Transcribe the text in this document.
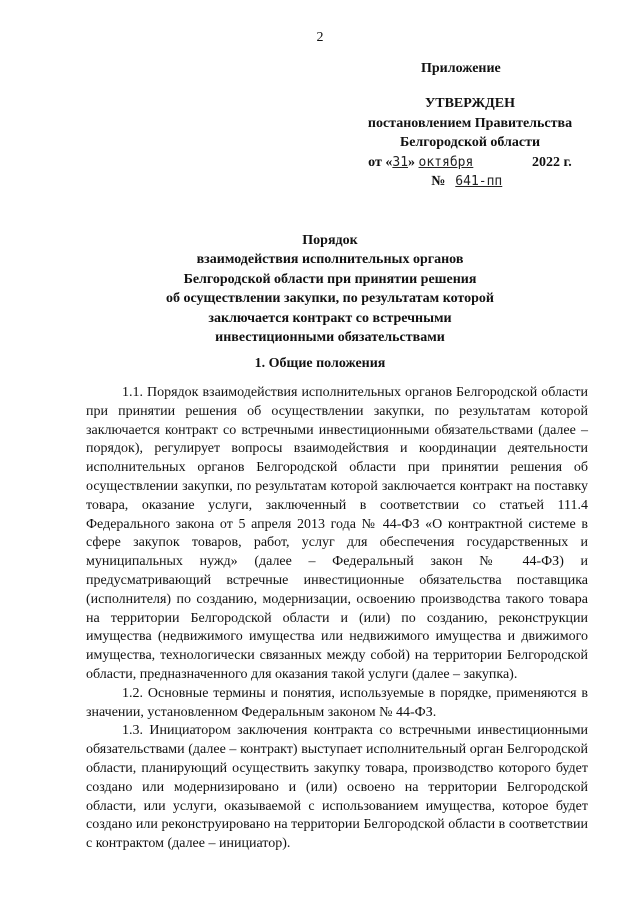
2
Приложение
УТВЕРЖДЕН
постановлением Правительства
Белгородской области
от «31» октября	2022 г.
№ 641-пп
Порядок
взаимодействия исполнительных органов
Белгородской области при принятии решения
об осуществлении закупки, по результатам которой
заключается контракт со встречными
инвестиционными обязательствами
1. Общие положения

1.1. Порядок взаимодействия исполнительных органов Белгородской области при принятии решения об осуществлении закупки, по результатам которой заключается контракт со встречными инвестиционными обязательствами (далее – порядок), регулирует вопросы взаимодействия и координации деятельности исполнительных органов Белгородской области при принятии решения об осуществлении закупки, по результатам которой заключается контракт на поставку товара, оказание услуги, заключенный в соответствии со статьей 111.4 Федерального закона от 5 апреля 2013 года № 44-ФЗ «О контрактной системе в сфере закупок товаров, работ, услуг для обеспечения государственных и муниципальных нужд» (далее – Федеральный закон № 44-ФЗ) и предусматривающий встречные инвестиционные обязательства поставщика (исполнителя) по созданию, модернизации, освоению производства такого товара на территории Белгородской области и (или) по созданию, реконструкции имущества (недвижимого имущества или недвижимого имущества и движимого имущества, технологически связанных между собой) на территории Белгородской области, предназначенного для оказания такой услуги (далее – закупка).

1.2. Основные термины и понятия, используемые в порядке, применяются в значении, установленном Федеральным законом № 44-ФЗ.

1.3. Инициатором заключения контракта со встречными инвестиционными обязательствами (далее – контракт) выступает исполнительный орган Белгородской области, планирующий осуществить закупку товара, производство которого будет создано или модернизировано и (или) освоено на территории Белгородской области, или услуги, оказываемой с использованием имущества, которое будет создано или реконструировано на территории Белгородской области в соответствии с контрактом (далее – инициатор).
